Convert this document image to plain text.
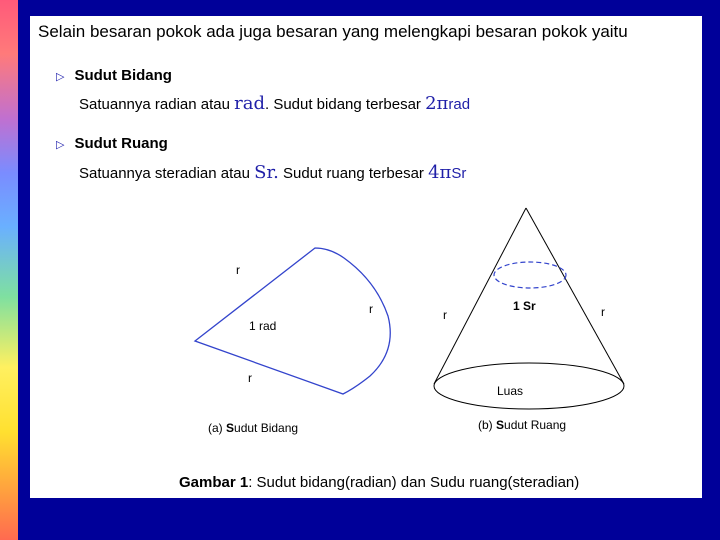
Selain besaran pokok ada juga besaran yang melengkapi besaran pokok yaitu
▷ Sudut Bidang
Satuannya radian atau rad. Sudut bidang terbesar 2πrad
▷ Sudut Ruang
Satuannya steradian atau Sr. Sudut ruang terbesar 4πSr
r
r
r
1 rad
1 Sr
r	r
Luas
(a) Sudut Bidang	(b) Sudut Ruang
Gambar 1: Sudut bidang(radian) dan Sudu ruang(steradian)
